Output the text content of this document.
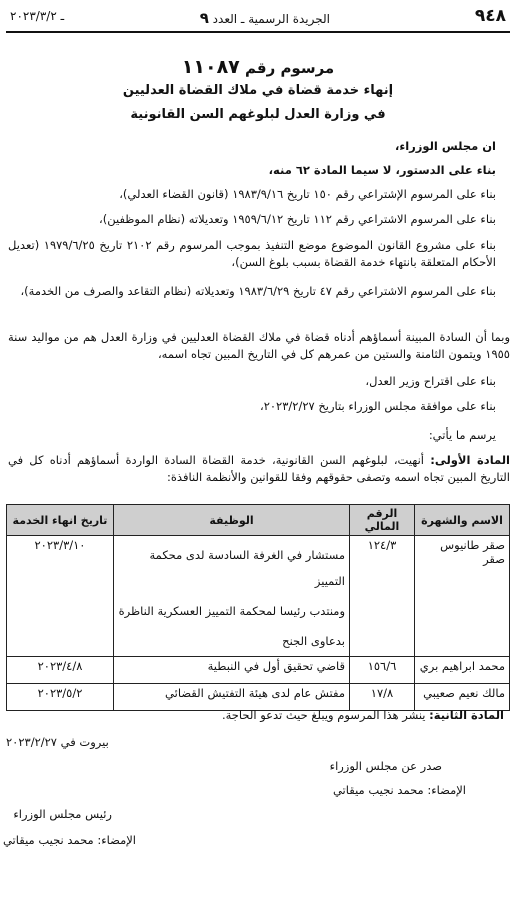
٩٤٨
الجريدة الرسمية ـ العدد ٩
ـ ٢٠٢٣/٣/٢
مرسوم رقم ١١٠٨٧
إنهاء خدمة قضاة في ملاك القضاة العدليين
في وزارة العدل لبلوغهم السن القانونية
ان مجلس الوزراء،
بناء على الدستور، لا سيما المادة ٦٢ منه،
بناء على المرسوم الإشتراعي رقم ١٥٠ تاريخ ١٩٨٣/٩/١٦ (قانون القضاء العدلي)،
بناء على المرسوم الاشتراعي رقم ١١٢ تاريخ ١٩٥٩/٦/١٢ وتعديلاته (نظام الموظفين)،
بناء على مشروع القانون الموضوع موضع التنفيذ بموجب المرسوم رقم ٢١٠٢ تاريخ ١٩٧٩/٦/٢٥ (تعديل الأحكام المتعلقة بانتهاء خدمة القضاة بسبب بلوغ السن)،
بناء على المرسوم الاشتراعي رقم ٤٧ تاريخ ١٩٨٣/٦/٢٩ وتعديلاته (نظام التقاعد والصرف من الخدمة)،
وبما أن السادة المبينة أسماؤهم أدناه قضاة في ملاك القضاة العدليين في وزارة العدل هم من مواليد سنة ١٩٥٥ ويتمون الثامنة والستين من عمرهم كل في التاريخ المبين تجاه اسمه،
بناء على اقتراح وزير العدل،
بناء على موافقة مجلس الوزراء بتاريخ ٢٠٢٣/٢/٢٧،
يرسم ما يأتي:
المادة الأولى: أنهيت، لبلوغهم السن القانونية، خدمة القضاة السادة الواردة أسماؤهم أدناه كل في التاريخ المبين تجاه اسمه وتصفى حقوقهم وفقا للقوانين والأنظمة النافذة:
الاسم والشهرة	الرقم المالي	الوظيفة	تاريخ انهاء الخدمة
صقر طانيوس صقر	١٢٤/٣	مستشار في الغرفة السادسة لدى محكمة التمييز
ومنتدب رئيسا لمحكمة التمييز العسكرية الناظرة
بدعاوى الجنح	٢٠٢٣/٣/١٠
محمد ابراهيم بري	١٥٦/٦	قاضي تحقيق أول في النبطية	٢٠٢٣/٤/٨
مالك نعيم صعيبي	١٧/٨	مفتش عام لدى هيئة التفتيش القضائي	٢٠٢٣/٥/٢
المادة الثانية: ينشر هذا المرسوم ويبلغ حيث تدعو الحاجة.
بيروت في ٢٠٢٣/٢/٢٧
صدر عن مجلس الوزراء
الإمضاء: محمد نجيب ميقاتي
رئيس مجلس الوزراء
الإمضاء: محمد نجيب ميقاتي
